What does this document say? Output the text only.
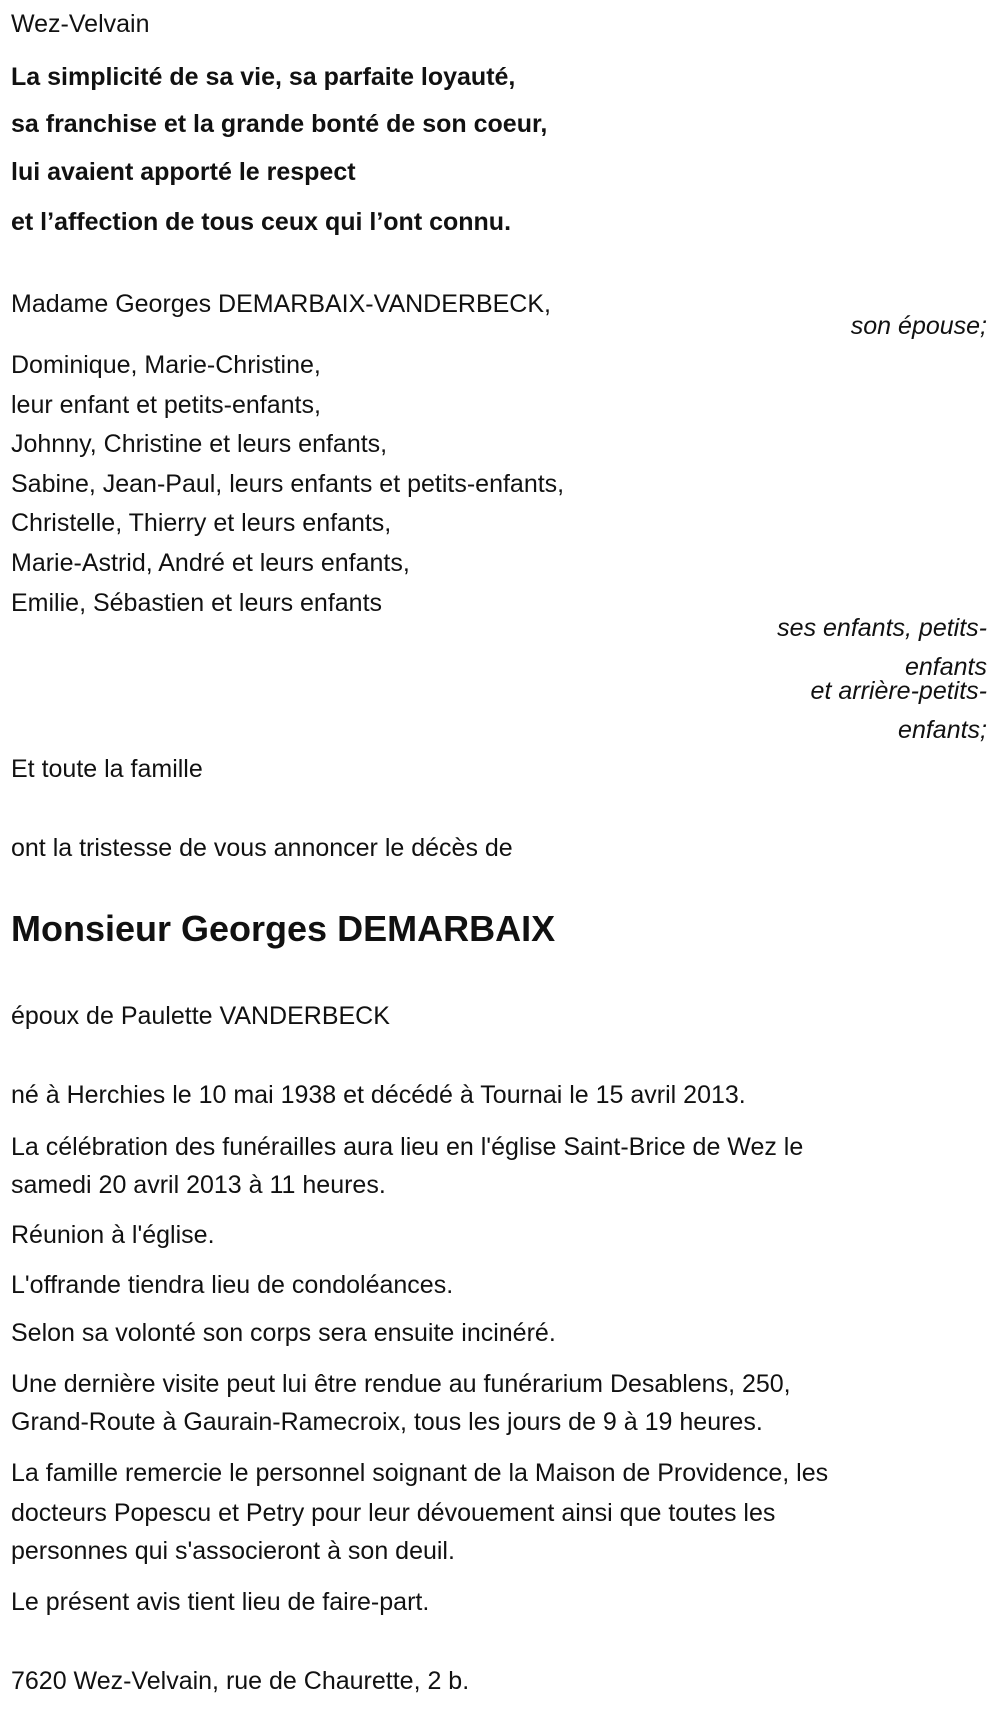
Wez-Velvain
La simplicité de sa vie, sa parfaite loyauté,
sa franchise et la grande bonté de son coeur,
lui avaient apporté le respect
et l’affection de tous ceux qui l’ont connu.
Madame Georges DEMARBAIX-VANDERBECK,
son épouse;
Dominique, Marie-Christine,
leur enfant et petits-enfants,
Johnny, Christine et leurs enfants,
Sabine, Jean-Paul, leurs enfants et petits-enfants,
Christelle, Thierry et leurs enfants,
Marie-Astrid, André et leurs enfants,
Emilie, Sébastien et leurs enfants
ses enfants, petits-
enfants
et arrière-petits-
enfants;
Et toute la famille
ont la tristesse de vous annoncer le décès de
Monsieur Georges DEMARBAIX
époux de Paulette VANDERBECK
né à Herchies le 10 mai 1938 et décédé à Tournai le 15 avril 2013.
La célébration des funérailles aura lieu en l'église Saint-Brice de Wez le
samedi 20 avril 2013 à 11 heures.
Réunion à l'église.
L'offrande tiendra lieu de condoléances.
Selon sa volonté son corps sera ensuite inciné​ré.
Une dernière visite peut lui être rendue au funérarium Desablens, 250,
Grand-Route à Gaurain-Ramecroix, tous les jours de 9 à 19 heures.
La famille remercie le personnel soignant de la Maison de Providence, les
docteurs Popescu et Petry pour leur dévouement ainsi que toutes les
personnes qui s'associeront à son deuil.
Le présent avis tient lieu de faire-part.
7620 Wez-Velvain, rue de Chaurette, 2 b.
